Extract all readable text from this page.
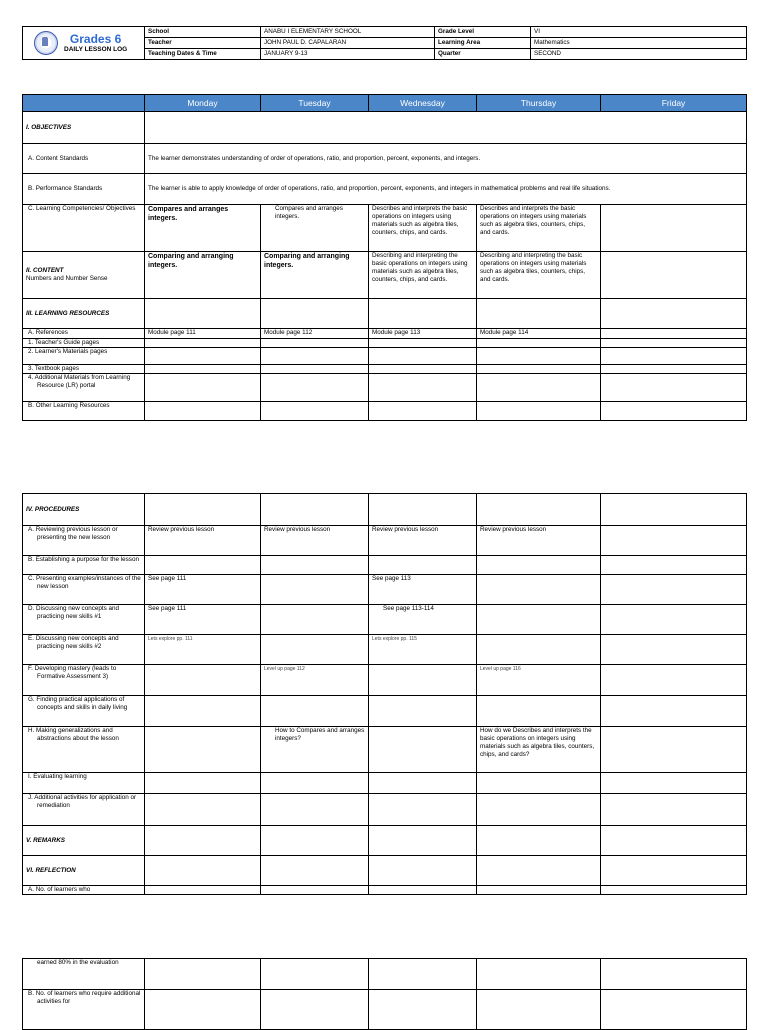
Grades 6
DAILY LESSON LOG	School	ANABU I ELEMENTARY SCHOOL	Grade Level	VI
	Teacher	JOHN PAUL D. CAPALARAN	Learning Area	Mathematics
	Teaching Dates & Time	JANUARY 9-13	Quarter	SECOND
	Monday	Tuesday	Wednesday	Thursday	Friday
I. OBJECTIVES					
A. Content Standards	The learner demonstrates understanding of order of operations, ratio, and proportion, percent, exponents, and integers.				
B. Performance Standards	The learner is able to apply knowledge of order of operations, ratio, and proportion, percent, exponents, and integers in mathematical problems and real life situations.				
C. Learning Competencies/ Objectives	Compares and arranges integers.	Compares and arranges integers.	Describes and interprets the basic operations on integers using materials such as algebra tiles, counters, chips, and cards.	Describes and interprets the basic operations on integers using materials such as algebra tiles, counters, chips, and cards.	

II. CONTENT
Numbers and Number Sense	Comparing and arranging integers.	Comparing and arranging integers.	Describing and interpreting the basic operations on integers using materials such as algebra tiles, counters, chips, and cards.	Describing and interpreting the basic operations on integers using materials such as algebra tiles, counters, chips, and cards.	
III. LEARNING RESOURCES					
A. References	Module page 111	Module page 112	Module page 113	Module page 114	
1. Teacher's Guide pages					
2. Learner's Materials pages					
3. Textbook pages					
4. Additional Materials from Learning Resource (LR) portal					
B. Other Learning Resources					
IV. PROCEDURES					
A. Reviewing previous lesson or presenting the new lesson	Review previous lesson	Review previous lesson	Review previous lesson	Review previous lesson	
B. Establishing a purpose for the lesson					
C. Presenting examples/instances of the new lesson	See page 111		See page 113		
D. Discussing new concepts and practicing new skills #1	See page 111		See page 113-114		
E. Discussing new concepts and practicing new skills #2	Lets explore pp. 111		Lets explore pp. 115		
F. Developing mastery (leads to Formative Assessment 3)		Level up page 112		Level up page 116	
G. Finding practical applications of concepts and skills in daily living					
H. Making generalizations and abstractions about the lesson		How to Compares and arranges integers?		How do we Describes and interprets the basic operations on integers using materials such as algebra tiles, counters, chips, and cards?	
I. Evaluating learning					
J. Additional activities for application or remediation					
V. REMARKS					
VI. REFLECTION					
A. No. of learners who					
earned 80% in the evaluation					
B. No. of learners who require additional activities for					
